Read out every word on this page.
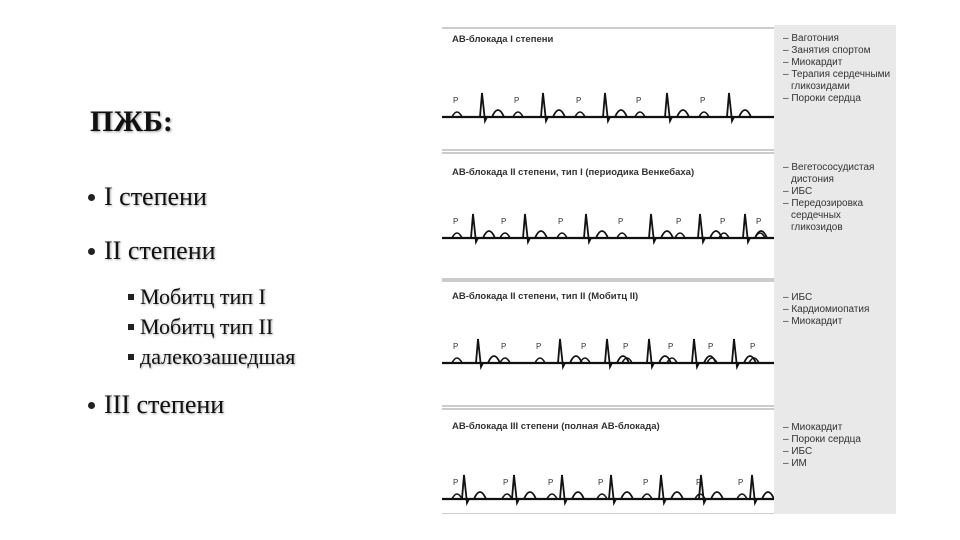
ПЖБ:
I степени
II степени
Мобитц тип I
Мобитц тип II
далекозашедшая
III степени
P	P	P	P	P
P	P	P	P	P	P	P
P	P	P	P	P	P	P	P
P	P	P	P	P	P	P
АВ-блокада I степени
АВ-блокада II степени, тип I (периодика Венкебаха)
АВ-блокада II степени, тип II (Мобитц II)
АВ-блокада III степени (полная АВ-блокада)
– Ваготония
– Занятия спортом
– Миокардит
– Терапия сердечными
гликозидами
– Пороки сердца
– Вегетососудистая
дистония
– ИБС
– Передозировка
сердечных
гликозидов
– ИБС
– Кардиомиопатия
– Миокардит
– Миокардит
– Пороки сердца
– ИБС
– ИМ
